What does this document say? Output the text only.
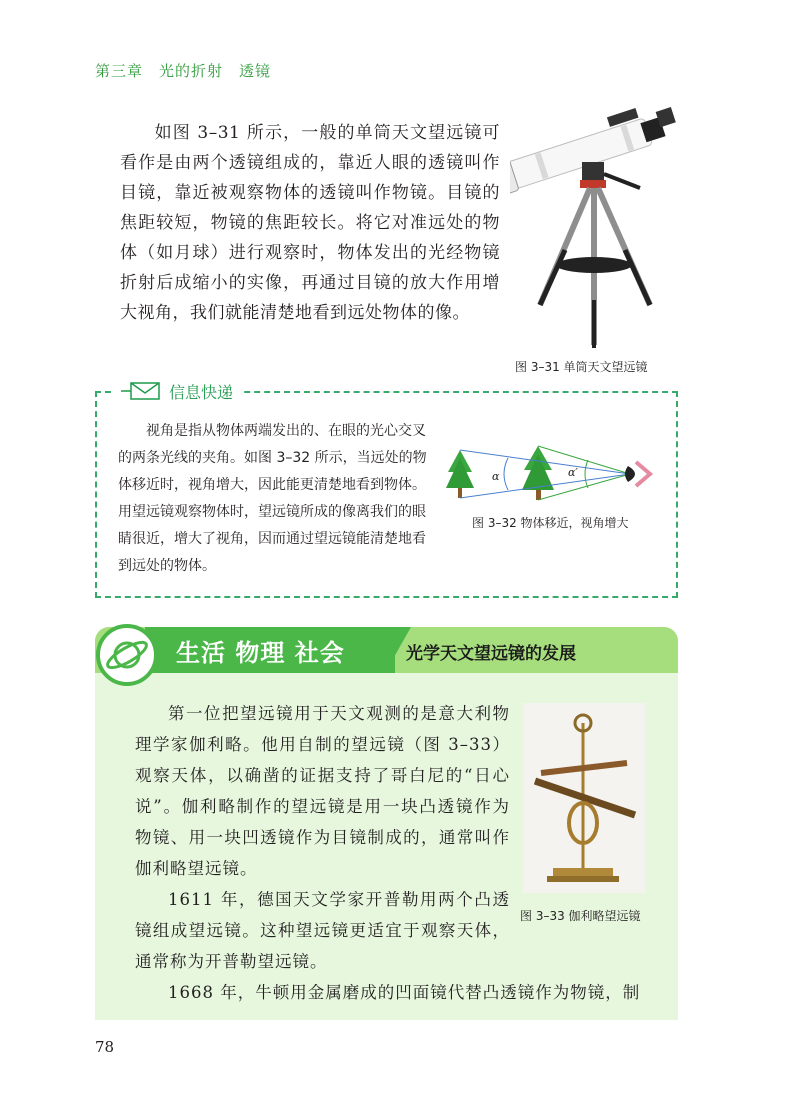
第三章　光的折射　透镜
如图 3–31 所示，一般的单筒天文望远镜可看作是由两个透镜组成的，靠近人眼的透镜叫作目镜，靠近被观察物体的透镜叫作物镜。目镜的焦距较短，物镜的焦距较长。将它对准远处的物体（如月球）进行观察时，物体发出的光经物镜折射后成缩小的实像，再通过目镜的放大作用增大视角，我们就能清楚地看到远处物体的像。
图 3–31 单筒天文望远镜
信息快递

视角是指从物体两端发出的、在眼的光心交叉的两条光线的夹角。如图 3–32 所示，当远处的物体移近时，视角增大，因此能更清楚地看到物体。用望远镜观察物体时，望远镜所成的像离我们的眼睛很近，增大了视角，因而通过望远镜能清楚地看到远处的物体。

α	α′
图 3–32 物体移近，视角增大
生活 物理 社会	光学天文望远镜的发展

第一位把望远镜用于天文观测的是意大利物理学家伽利略。他用自制的望远镜（图 3–33）观察天体，以确凿的证据支持了哥白尼的“日心说”。伽利略制作的望远镜是用一块凸透镜作为物镜、用一块凹透镜作为目镜制成的，通常叫作伽利略望远镜。

1611 年，德国天文学家开普勒用两个凸透镜组成望远镜。这种望远镜更适宜于观察天体，通常称为开普勒望远镜。

1668 年，牛顿用金属磨成的凹面镜代替凸透镜作为物镜，制

图 3–33 伽利略望远镜
78
